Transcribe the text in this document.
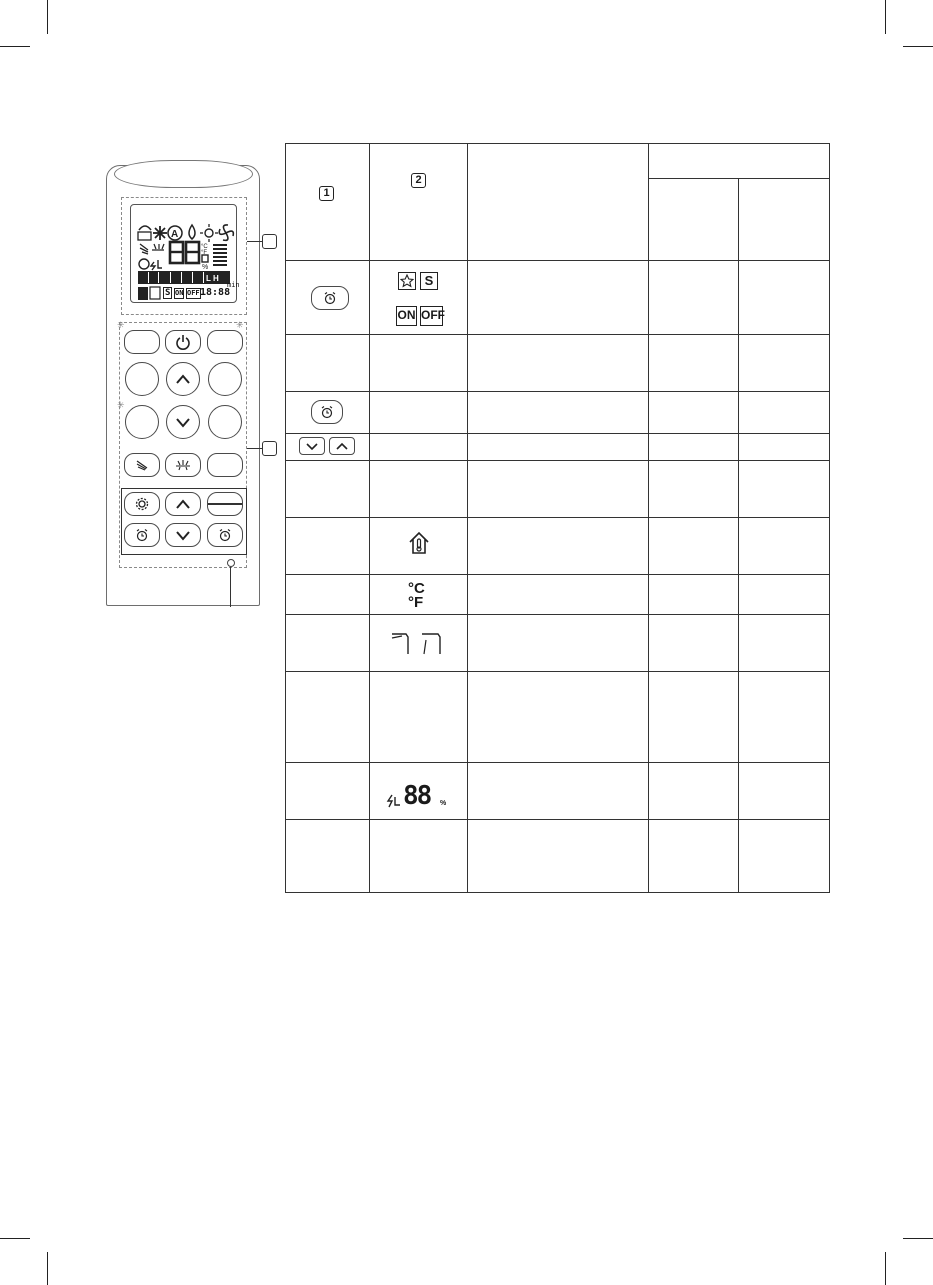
A
°C
°F
%
L H
S ON OFF 18:88
min
✳	✳
✳
1
2
S
ON OFF
°C
°F
88 %
